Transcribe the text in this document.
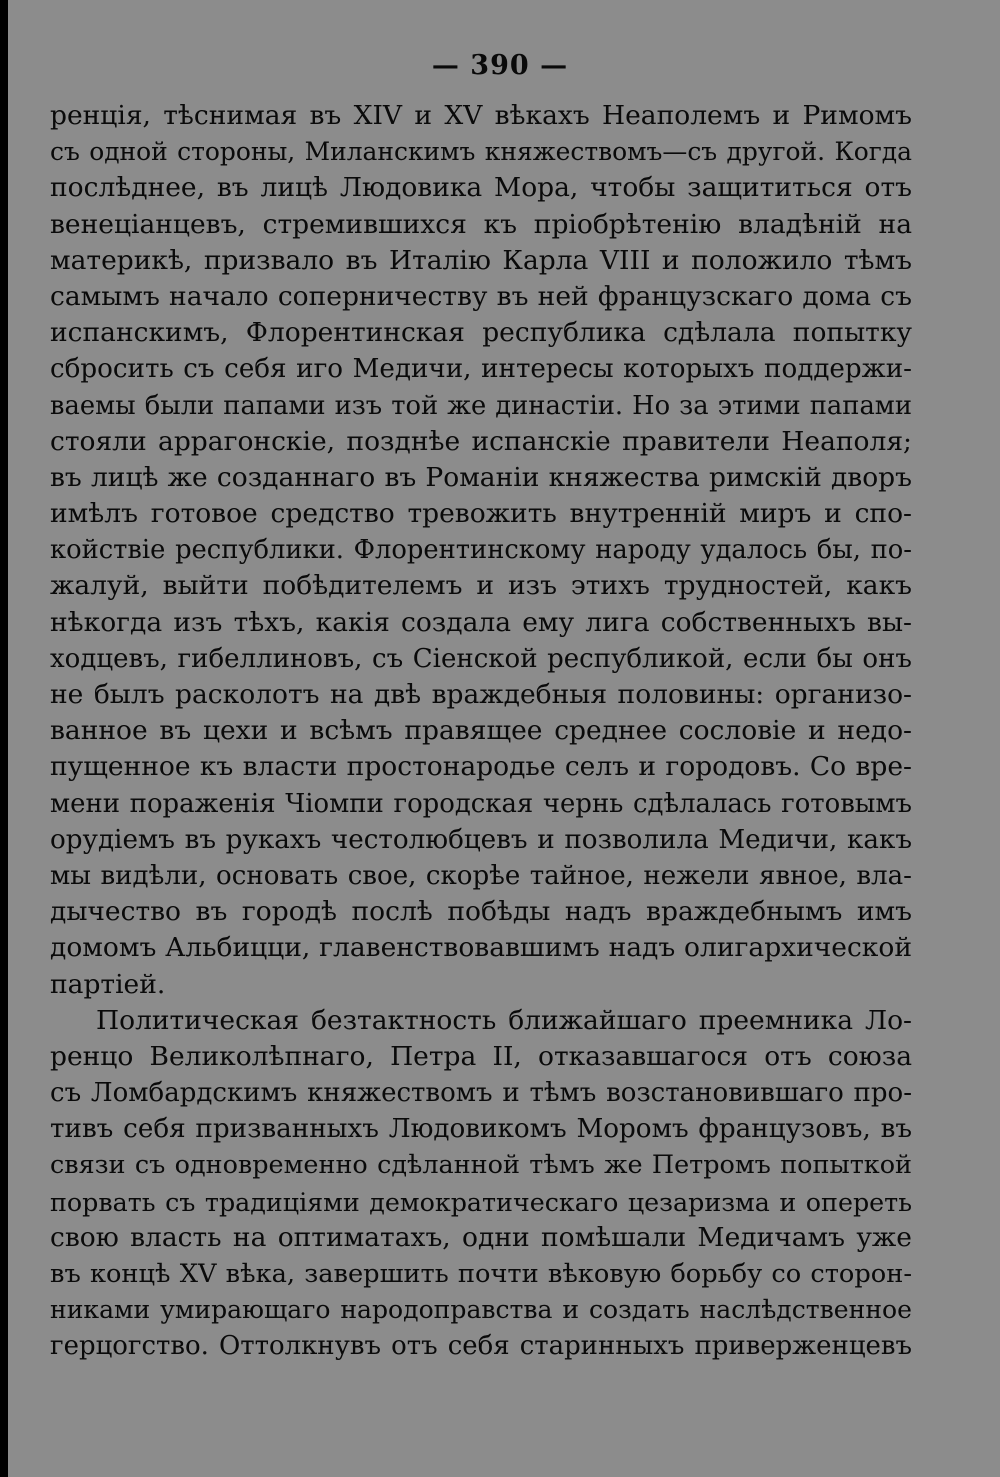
— 390 —
ренція, тѣснимая въ XIV и XV вѣкахъ Неаполемъ и Римомъ
съ одной стороны, Миланскимъ княжествомъ—съ другой. Когда
послѣднее, въ лицѣ Людовика Мора, чтобы защититься отъ
венеціанцевъ, стремившихся къ пріобрѣтенію владѣній на
материкѣ, призвало въ Италію Карла VIII и положило тѣмъ
самымъ начало соперничеству въ ней французскаго дома съ
испанскимъ, Флорентинская республика сдѣлала попытку
сбросить съ себя иго Медичи, интересы которыхъ поддержи-
ваемы были папами изъ той же династіи. Но за этими папами
стояли аррагонскіе, позднѣе испанскіе правители Неаполя;
въ лицѣ же созданнаго въ Романіи княжества римскій дворъ
имѣлъ готовое средство тревожить внутренній миръ и спо-
койствіе республики. Флорентинскому народу удалось бы, по-
жалуй, выйти побѣдителемъ и изъ этихъ трудностей, какъ
нѣкогда изъ тѣхъ, какія создала ему лига собственныхъ вы-
ходцевъ, гибеллиновъ, съ Сіенской республикой, если бы онъ
не былъ расколотъ на двѣ враждебныя половины: организо-
ванное въ цехи и всѣмъ правящее среднее сословіе и недо-
пущенное къ власти простонародье селъ и городовъ. Со вре-
мени пораженія Чіомпи городская чернь сдѣлалась готовымъ
орудіемъ въ рукахъ честолюбцевъ и позволила Медичи, какъ
мы видѣли, основать свое, скорѣе тайное, нежели явное, вла-
дычество въ городѣ послѣ побѣды надъ враждебнымъ имъ
домомъ Альбицци, главенствовавшимъ надъ олигархической
партіей.
Политическая безтактность ближайшаго преемника Ло-
ренцо Великолѣпнаго, Петра II, отказавшагося отъ союза
съ Ломбардскимъ княжествомъ и тѣмъ возстановившаго про-
тивъ себя призванныхъ Людовикомъ Моромъ французовъ, въ
связи съ одновременно сдѣланной тѣмъ же Петромъ попыткой
порвать съ традиціями демократическаго цезаризма и опереть
свою власть на оптиматахъ, одни помѣшали Медичамъ уже
въ концѣ XV вѣка, завершить почти вѣковую борьбу со сторон-
никами умирающаго народоправства и создать наслѣдственное
герцогство. Оттолкнувъ отъ себя старинныхъ приверженцевъ
